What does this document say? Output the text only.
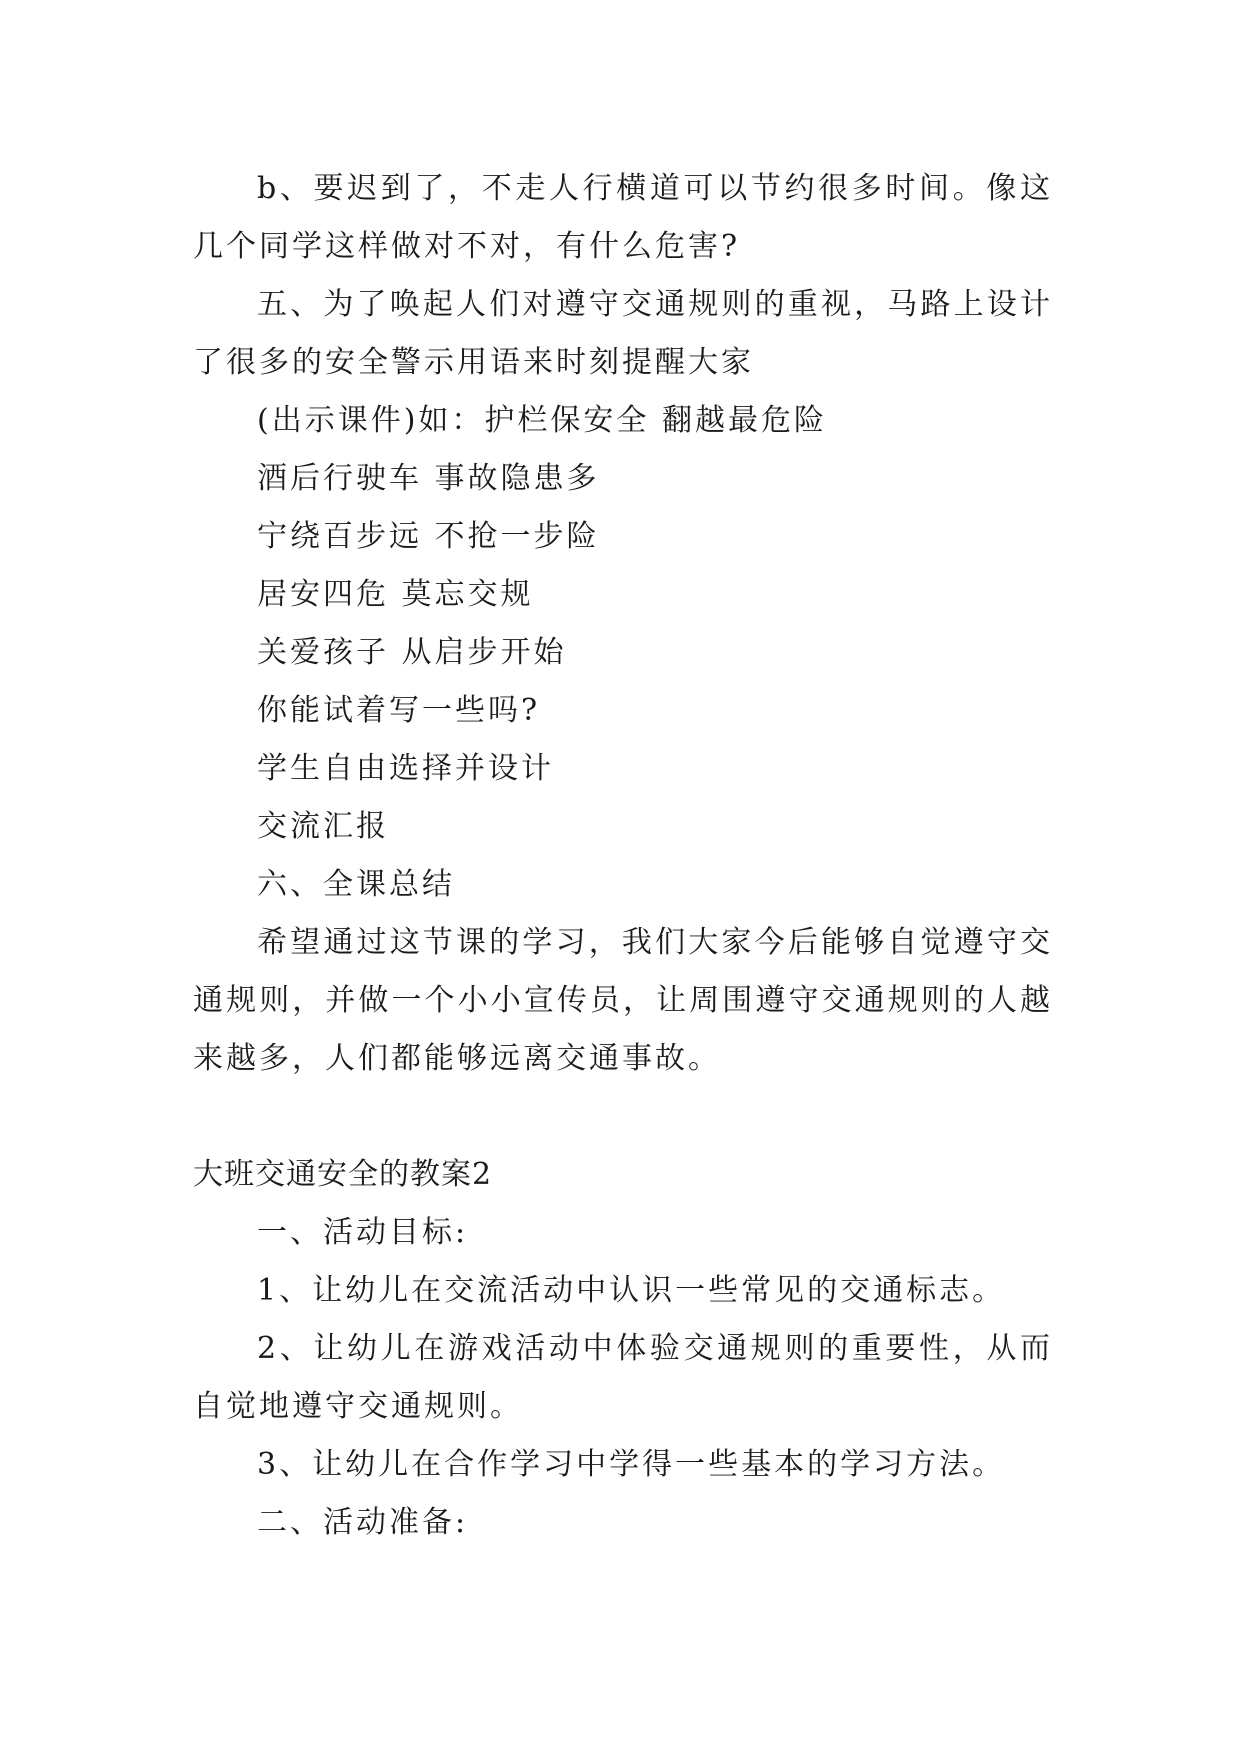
b、要迟到了，不走人行横道可以节约很多时间。像这几个同学这样做对不对，有什么危害?

五、为了唤起人们对遵守交通规则的重视，马路上设计了很多的安全警示用语来时刻提醒大家

(出示课件)如：护栏保安全 翻越最危险

酒后行驶车 事故隐患多

宁绕百步远 不抢一步险

居安四危 莫忘交规

关爱孩子 从启步开始

你能试着写一些吗?

学生自由选择并设计

交流汇报

六、全课总结

希望通过这节课的学习，我们大家今后能够自觉遵守交通规则，并做一个小小宣传员，让周围遵守交通规则的人越来越多，人们都能够远离交通事故。

大班交通安全的教案2

一、活动目标:

1、让幼儿在交流活动中认识一些常见的交通标志。

2、让幼儿在游戏活动中体验交通规则的重要性，从而自觉地遵守交通规则。

3、让幼儿在合作学习中学得一些基本的学习方法。

二、活动准备:
